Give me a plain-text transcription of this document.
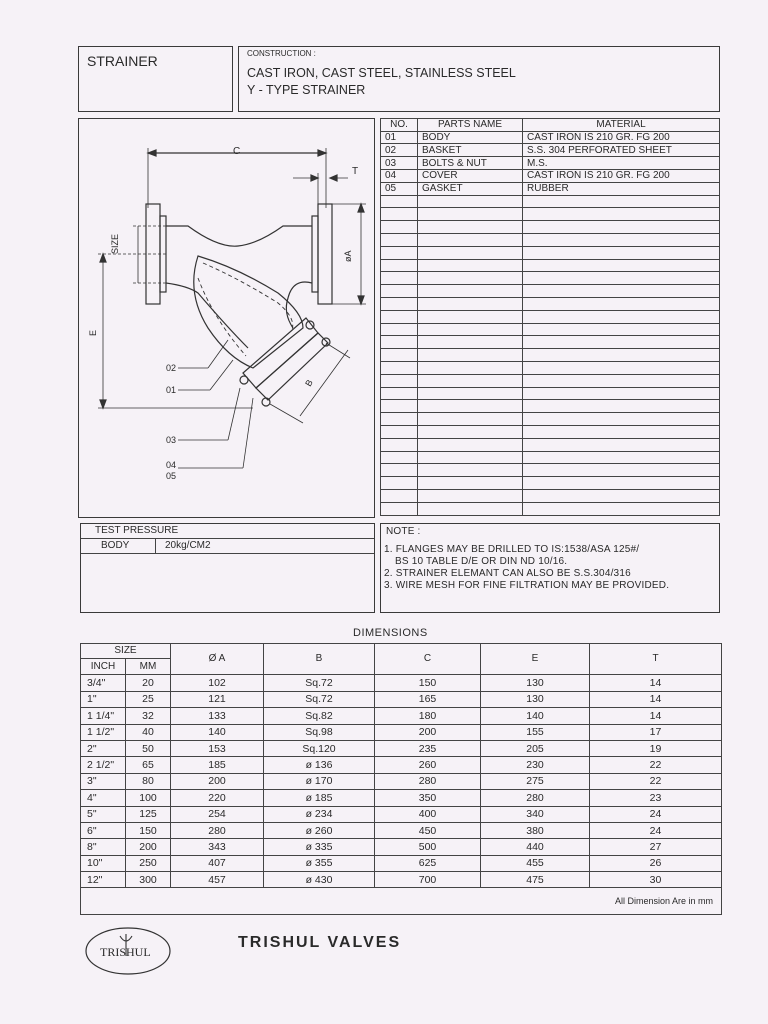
STRAINER	CONSTRUCTION :
CAST IRON, CAST STEEL, STAINLESS STEEL
Y - TYPE STRAINER
C
T
SIZE
øA
E
B
02
01
03
04
05
NO.	PARTS NAME	MATERIAL
01	BODY	CAST IRON IS 210 GR. FG 200
02	BASKET	S.S. 304 PERFORATED SHEET
03	BOLTS & NUT	M.S.
04	COVER	CAST IRON IS 210 GR. FG 200
05	GASKET	RUBBER

TEST PRESSURE
BODY	20kg/CM2
NOTE :
1. FLANGES MAY BE DRILLED TO IS:1538/ASA 125#/
BS 10 TABLE D/E OR DIN ND 10/16.
2. STRAINER ELEMANT CAN ALSO BE S.S.304/316
3. WIRE MESH FOR FINE FILTRATION MAY BE PROVIDED.
DIMENSIONS
SIZE		Ø A	B	C	E	T
INCH	MM					
3/4"	20	102	Sq.72	150	130	14
1"	25	121	Sq.72	165	130	14
1 1/4"	32	133	Sq.82	180	140	14
1 1/2"	40	140	Sq.98	200	155	17
2"	50	153	Sq.120	235	205	19
2 1/2"	65	185	ø 136	260	230	22
3"	80	200	ø 170	280	275	22
4"	100	220	ø 185	350	280	23
5"	125	254	ø 234	400	340	24
6"	150	280	ø 260	450	380	24
8"	200	343	ø 335	500	440	27
10"	250	407	ø 355	625	455	26
12"	300	457	ø 430	700	475	30
All Dimension Are in mm						
TRISHUL
TRISHUL VALVES
